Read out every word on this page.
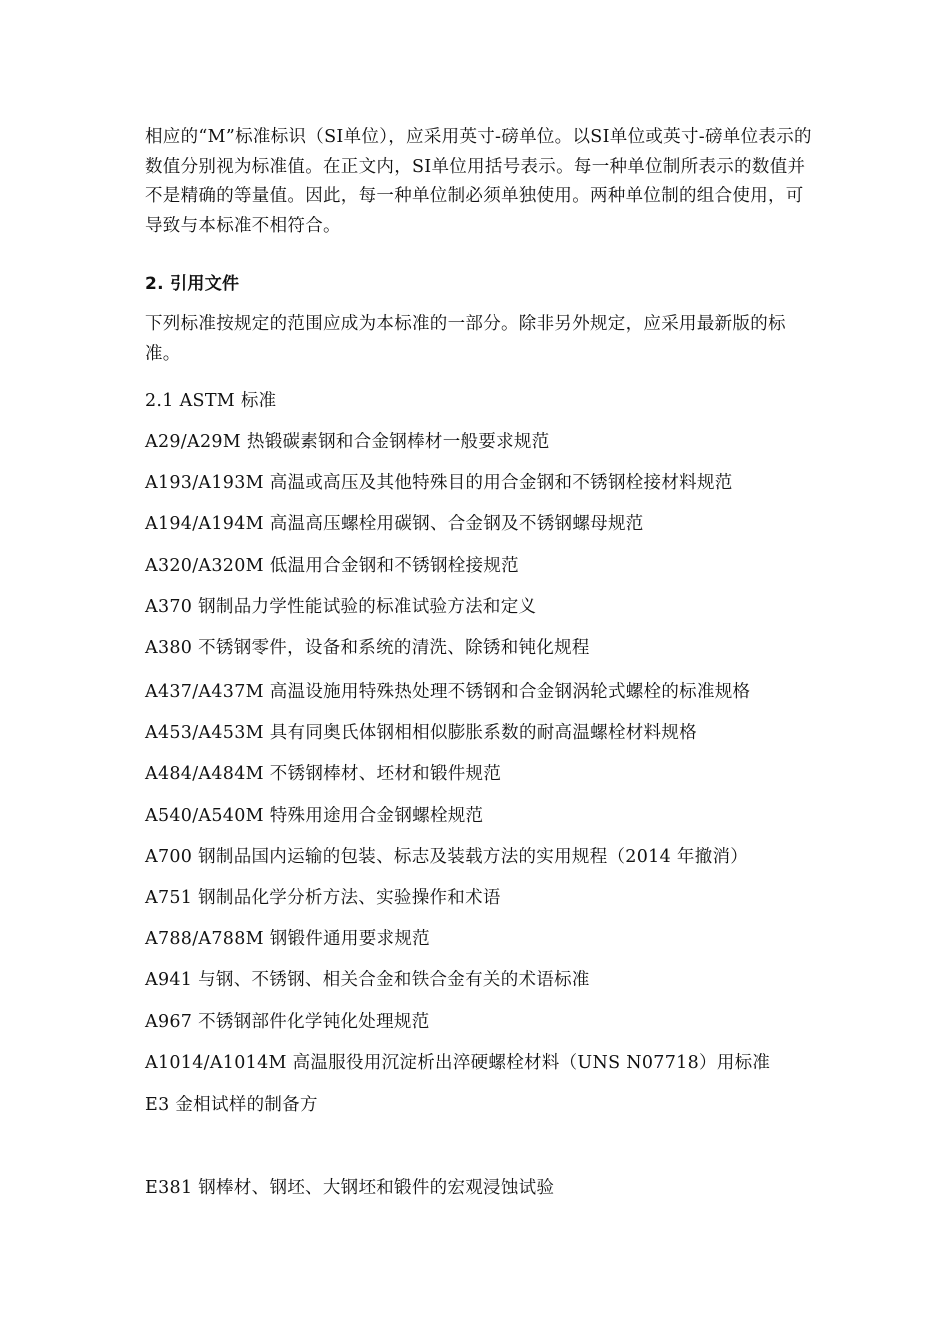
相应的“M”标准标识（SI单位），应采用英寸-磅单位。以SI单位或英寸-磅单位表示的数值分别视为标准值。在正文内，SI单位用括号表示。每一种单位制所表示的数值并不是精确的等量值。因此，每一种单位制必须单独使用。两种单位制的组合使用，可导致与本标准不相符合。

2. 引用文件

下列标准按规定的范围应成为本标准的一部分。除非另外规定，应采用最新版的标准。

2.1 ASTM 标准

A29/A29M 热锻碳素钢和合金钢棒材一般要求规范

A193/A193M 高温或高压及其他特殊目的用合金钢和不锈钢栓接材料规范

A194/A194M 高温高压螺栓用碳钢、合金钢及不锈钢螺母规范

A320/A320M 低温用合金钢和不锈钢栓接规范

A370 钢制品力学性能试验的标准试验方法和定义

A380 不锈钢零件，设备和系统的清洗、除锈和钝化规程

A437/A437M 高温设施用特殊热处理不锈钢和合金钢涡轮式螺栓的标准规格

A453/A453M 具有同奥氏体钢相相似膨胀系数的耐高温螺栓材料规格

A484/A484M 不锈钢棒材、坯材和锻件规范

A540/A540M 特殊用途用合金钢螺栓规范

A700 钢制品国内运输的包装、标志及装载方法的实用规程（2014 年撤消）

A751 钢制品化学分析方法、实验操作和术语

A788/A788M 钢锻件通用要求规范

A941 与钢、不锈钢、相关合金和铁合金有关的术语标准

A967 不锈钢部件化学钝化处理规范

A1014/A1014M 高温服役用沉淀析出淬硬螺栓材料（UNS N07718）用标准

E3 金相试样的制备方

E381 钢棒材、钢坯、大钢坯和锻件的宏观浸蚀试验
